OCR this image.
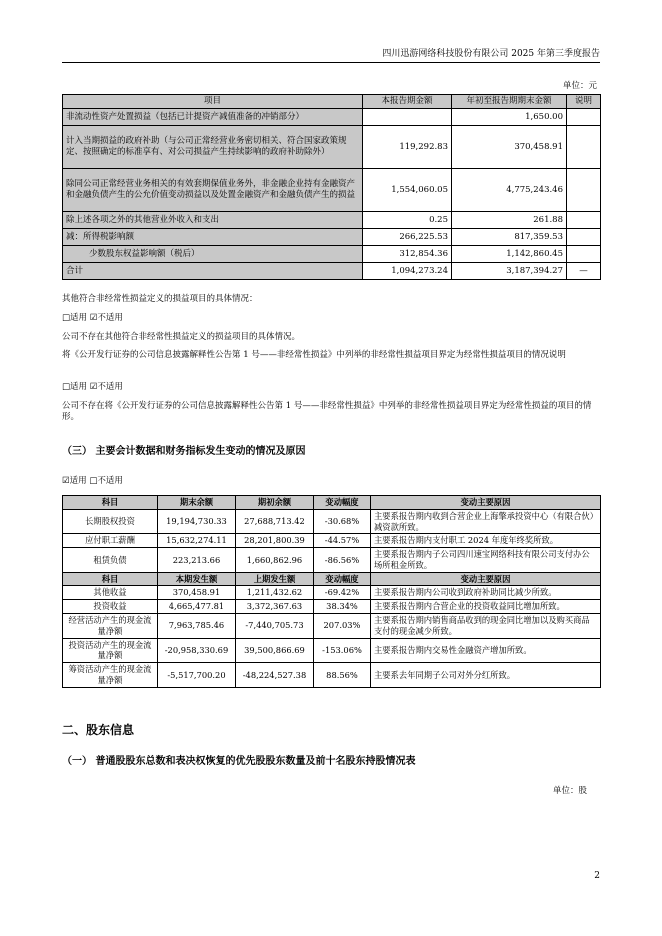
四川迅游网络科技股份有限公司 2025 年第三季度报告
单位：元
项目	本报告期金额	年初至报告期期末金额	说明
非流动性资产处置损益（包括已计提资产减值准备的冲销部分）		1,650.00	
计入当期损益的政府补助（与公司正常经营业务密切相关、符合国家政策规定、按照确定的标准享有、对公司损益产生持续影响的政府补助除外）	119,292.83	370,458.91	
除同公司正常经营业务相关的有效套期保值业务外，非金融企业持有金融资产和金融负债产生的公允价值变动损益以及处置金融资产和金融负债产生的损益	1,554,060.05	4,775,243.46	
除上述各项之外的其他营业外收入和支出	0.25	261.88	
减：所得税影响额	266,225.53	817,359.53	
少数股东权益影响额（税后）	312,854.36	1,142,860.45	
合计	1,094,273.24	3,187,394.27	—
其他符合非经常性损益定义的损益项目的具体情况：
□适用 ☑不适用
公司不存在其他符合非经常性损益定义的损益项目的具体情况。
将《公开发行证券的公司信息披露解释性公告第 1 号——非经常性损益》中列举的非经常性损益项目界定为经常性损益项目的情况说明
□适用 ☑不适用
公司不存在将《公开发行证券的公司信息披露解释性公告第 1 号——非经常性损益》中列举的非经常性损益项目界定为经常性损益的项目的情形。
（三） 主要会计数据和财务指标发生变动的情况及原因
☑适用 □不适用
科目	期末余额	期初余额	变动幅度	变动主要原因
长期股权投资	19,194,730.33	27,688,713.42	-30.68%	主要系报告期内收到合营企业上海擎承投资中心（有限合伙）减资款所致。
应付职工薪酬	15,632,274.11	28,201,800.39	-44.57%	主要系报告期内支付职工 2024 年度年终奖所致。
租赁负债	223,213.66	1,660,862.96	-86.56%	主要系报告期内子公司四川速宝网络科技有限公司支付办公场所租金所致。
科目	本期发生额	上期发生额	变动幅度	变动主要原因
其他收益	370,458.91	1,211,432.62	-69.42%	主要系报告期内公司收到政府补助同比减少所致。
投资收益	4,665,477.81	3,372,367.63	38.34%	主要系报告期内合营企业的投资收益同比增加所致。
经营活动产生的现金流量净额	7,963,785.46	-7,440,705.73	207.03%	主要系报告期内销售商品收到的现金同比增加以及购买商品支付的现金减少所致。
投资活动产生的现金流量净额	-20,958,330.69	39,500,866.69	-153.06%	主要系报告期内交易性金融资产增加所致。
筹资活动产生的现金流量净额	-5,517,700.20	-48,224,527.38	88.56%	主要系去年同期子公司对外分红所致。
二、股东信息
（一） 普通股股东总数和表决权恢复的优先股股东数量及前十名股东持股情况表
单位：股
2
